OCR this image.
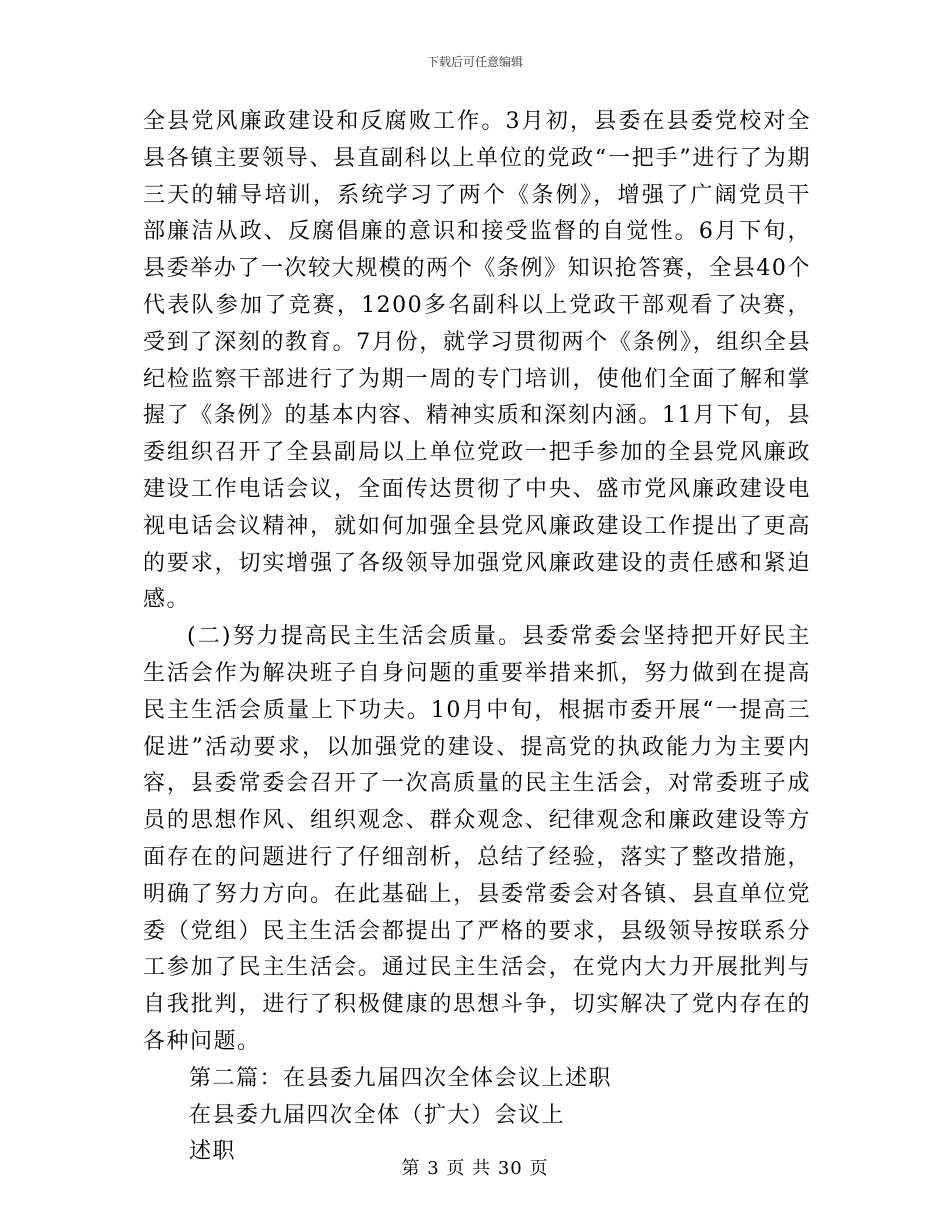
下载后可任意编辑

全县党风廉政建设和反腐败工作。3月初，县委在县委党校对全县各镇主要领导、县直副科以上单位的党政“一把手”进行了为期三天的辅导培训，系统学习了两个《条例》，增强了广阔党员干部廉洁从政、反腐倡廉的意识和接受监督的自觉性。6月下旬，县委举办了一次较大规模的两个《条例》知识抢答赛，全县40个代表队参加了竞赛，1200多名副科以上党政干部观看了决赛，受到了深刻的教育。7月份，就学习贯彻两个《条例》，组织全县纪检监察干部进行了为期一周的专门培训，使他们全面了解和掌握了《条例》的基本内容、精神实质和深刻内涵。11月下旬，县委组织召开了全县副局以上单位党政一把手参加的全县党风廉政建设工作电话会议，全面传达贯彻了中央、盛市党风廉政建设电视电话会议精神，就如何加强全县党风廉政建设工作提出了更高的要求，切实增强了各级领导加强党风廉政建设的责任感和紧迫感。

(二)努力提高民主生活会质量。县委常委会坚持把开好民主生活会作为解决班子自身问题的重要举措来抓，努力做到在提高民主生活会质量上下功夫。10月中旬，根据市委开展“一提高三促进”活动要求，以加强党的建设、提高党的执政能力为主要内容，县委常委会召开了一次高质量的民主生活会，对常委班子成员的思想作风、组织观念、群众观念、纪律观念和廉政建设等方面存在的问题进行了仔细剖析，总结了经验，落实了整改措施，明确了努力方向。在此基础上，县委常委会对各镇、县直单位党委（党组）民主生活会都提出了严格的要求，县级领导按联系分工参加了民主生活会。通过民主生活会，在党内大力开展批判与自我批判，进行了积极健康的思想斗争，切实解决了党内存在的各种问题。

第二篇：在县委九届四次全体会议上述职

在县委九届四次全体（扩大）会议上

述职

第 3 页 共 30 页
